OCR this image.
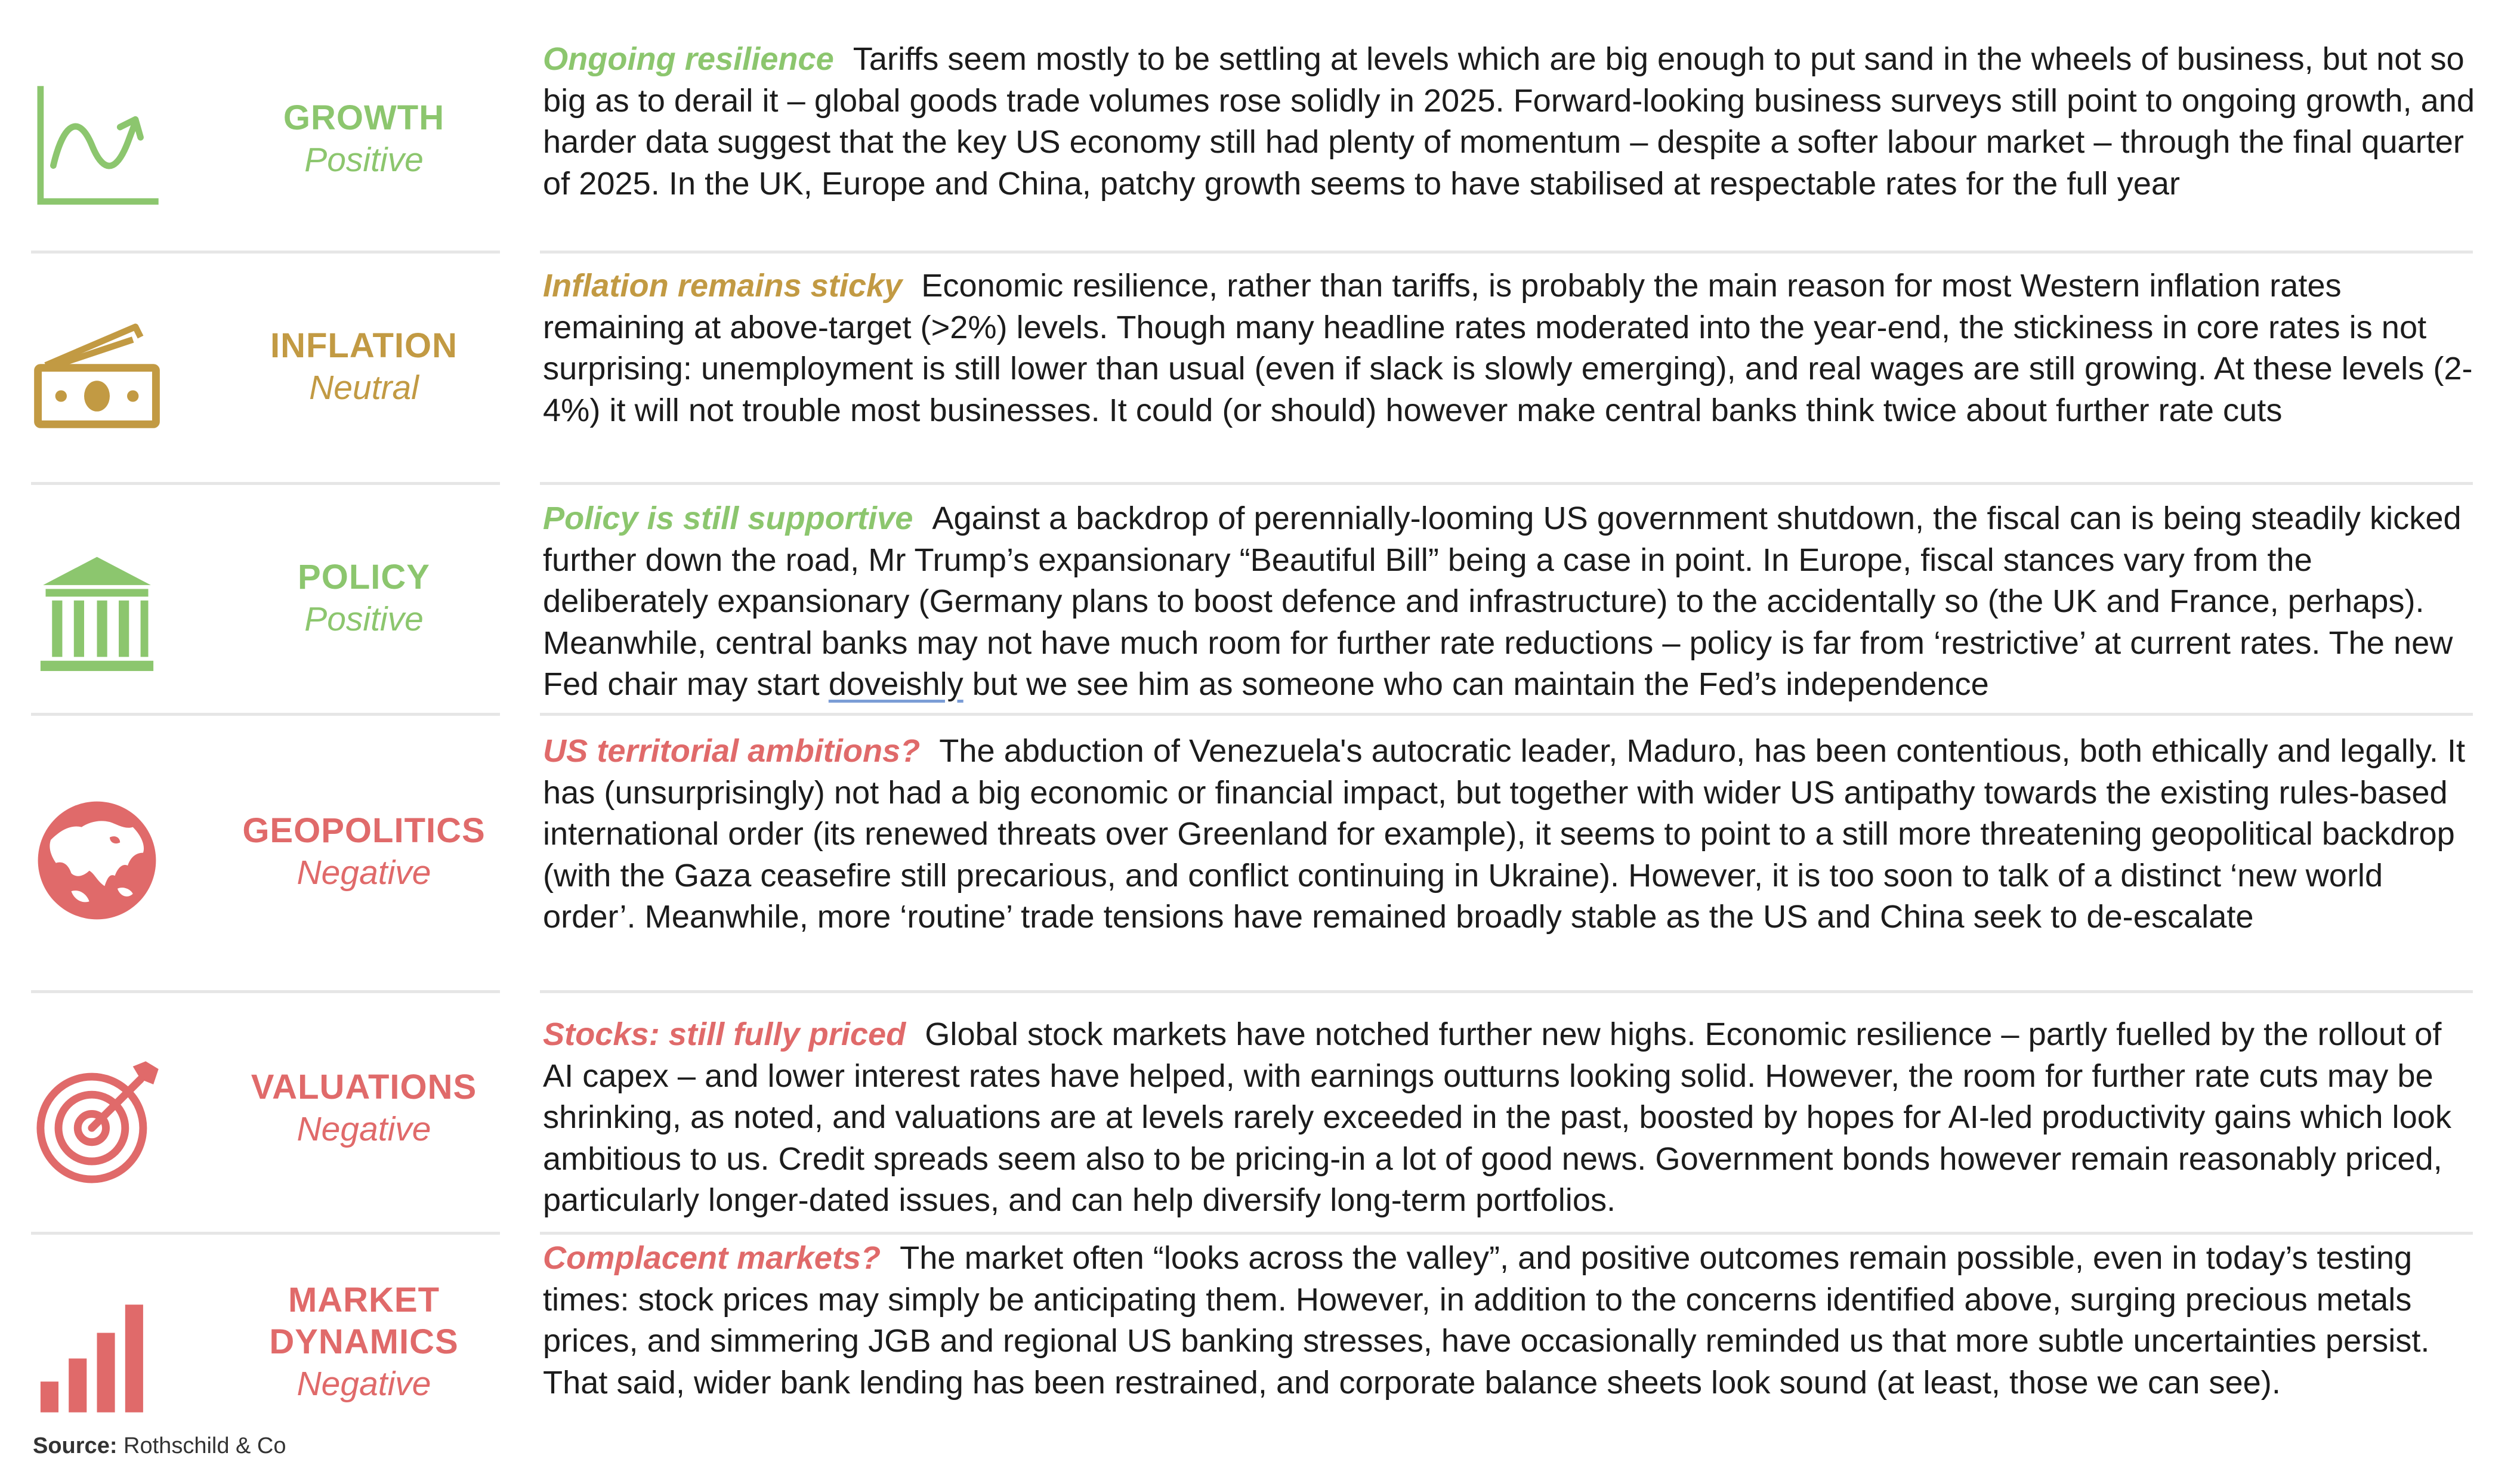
GROWTH
Positive
Ongoing resilience Tariffs seem mostly to be settling at levels which are big enough to put sand in the wheels of business, but not so big as to derail it – global goods trade volumes rose solidly in 2025. Forward-looking business surveys still point to ongoing growth, and harder data suggest that the key US economy still had plenty of momentum – despite a softer labour market – through the final quarter of 2025. In the UK, Europe and China, patchy growth seems to have stabilised at respectable rates for the full year
INFLATION
Neutral
Inflation remains sticky Economic resilience, rather than tariffs, is probably the main reason for most Western inflation rates remaining at above-target (>2%) levels. Though many headline rates moderated into the year-end, the stickiness in core rates is not surprising: unemployment is still lower than usual (even if slack is slowly emerging), and real wages are still growing. At these levels (2-4%) it will not trouble most businesses. It could (or should) however make central banks think twice about further rate cuts
POLICY
Positive
Policy is still supportive Against a backdrop of perennially-looming US government shutdown, the fiscal can is being steadily kicked further down the road, Mr Trump’s expansionary “Beautiful Bill” being a case in point. In Europe, fiscal stances vary from the deliberately expansionary (Germany plans to boost defence and infrastructure) to the accidentally so (the UK and France, perhaps). Meanwhile, central banks may not have much room for further rate reductions – policy is far from ‘restrictive’ at current rates. The new Fed chair may start doveishly but we see him as someone who can maintain the Fed’s independence
GEOPOLITICS
Negative
US territorial ambitions? The abduction of Venezuela's autocratic leader, Maduro, has been contentious, both ethically and legally. It has (unsurprisingly) not had a big economic or financial impact, but together with wider US antipathy towards the existing rules-based international order (its renewed threats over Greenland for example), it seems to point to a still more threatening geopolitical backdrop (with the Gaza ceasefire still precarious, and conflict continuing in Ukraine). However, it is too soon to talk of a distinct ‘new world order’. Meanwhile, more ‘routine’ trade tensions have remained broadly stable as the US and China seek to de-escalate
VALUATIONS
Negative
Stocks: still fully priced Global stock markets have notched further new highs. Economic resilience – partly fuelled by the rollout of AI capex – and lower interest rates have helped, with earnings outturns looking solid. However, the room for further rate cuts may be shrinking, as noted, and valuations are at levels rarely exceeded in the past, boosted by hopes for AI-led productivity gains which look ambitious to us. Credit spreads seem also to be pricing-in a lot of good news. Government bonds however remain reasonably priced, particularly longer-dated issues, and can help diversify long-term portfolios.
MARKET
DYNAMICS
Negative
Complacent markets? The market often “looks across the valley”, and positive outcomes remain possible, even in today’s testing times: stock prices may simply be anticipating them. However, in addition to the concerns identified above, surging precious metals prices, and simmering JGB and regional US banking stresses, have occasionally reminded us that more subtle uncertainties persist. That said, wider bank lending has been restrained, and corporate balance sheets look sound (at least, those we can see).
Source: Rothschild & Co
